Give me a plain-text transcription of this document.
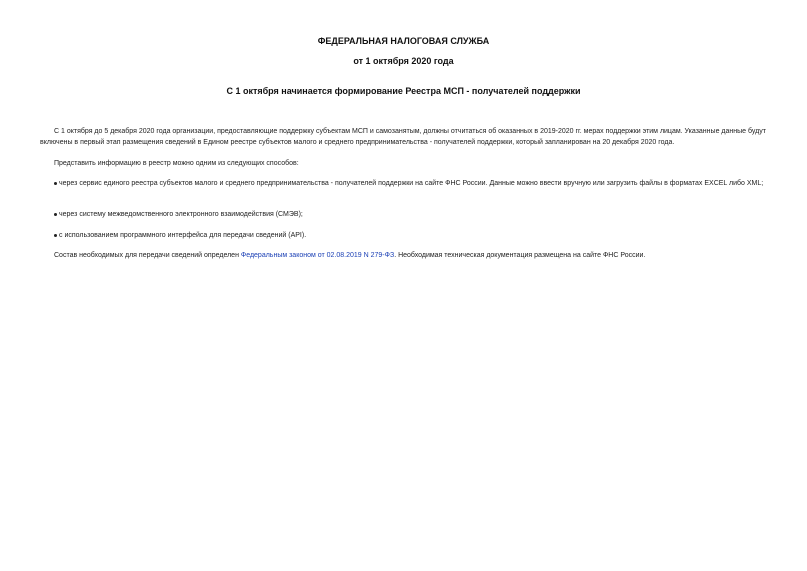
ФЕДЕРАЛЬНАЯ НАЛОГОВАЯ СЛУЖБА
от 1 октября 2020 года
С 1 октября начинается формирование Реестра МСП - получателей поддержки
С 1 октября до 5 декабря 2020 года организации, предоставляющие поддержку субъектам МСП и самозанятым, должны отчитаться об оказанных в 2019-2020 гг. мерах поддержки этим лицам. Указанные данные будут включены в первый этап размещения сведений в Едином реестре субъектов малого и среднего предпринимательства - получателей поддержки, который запланирован на 20 декабря 2020 года.
Представить информацию в реестр можно одним из следующих способов:
через сервис единого реестра субъектов малого и среднего предпринимательства - получателей поддержки на сайте ФНС России. Данные можно ввести вручную или загрузить файлы в форматах EXCEL либо XML;
через систему межведомственного электронного взаимодействия (СМЭВ);
с использованием программного интерфейса для передачи сведений (API).
Состав необходимых для передачи сведений определен Федеральным законом от 02.08.2019 N 279-ФЗ. Необходимая техническая документация размещена на сайте ФНС России.
